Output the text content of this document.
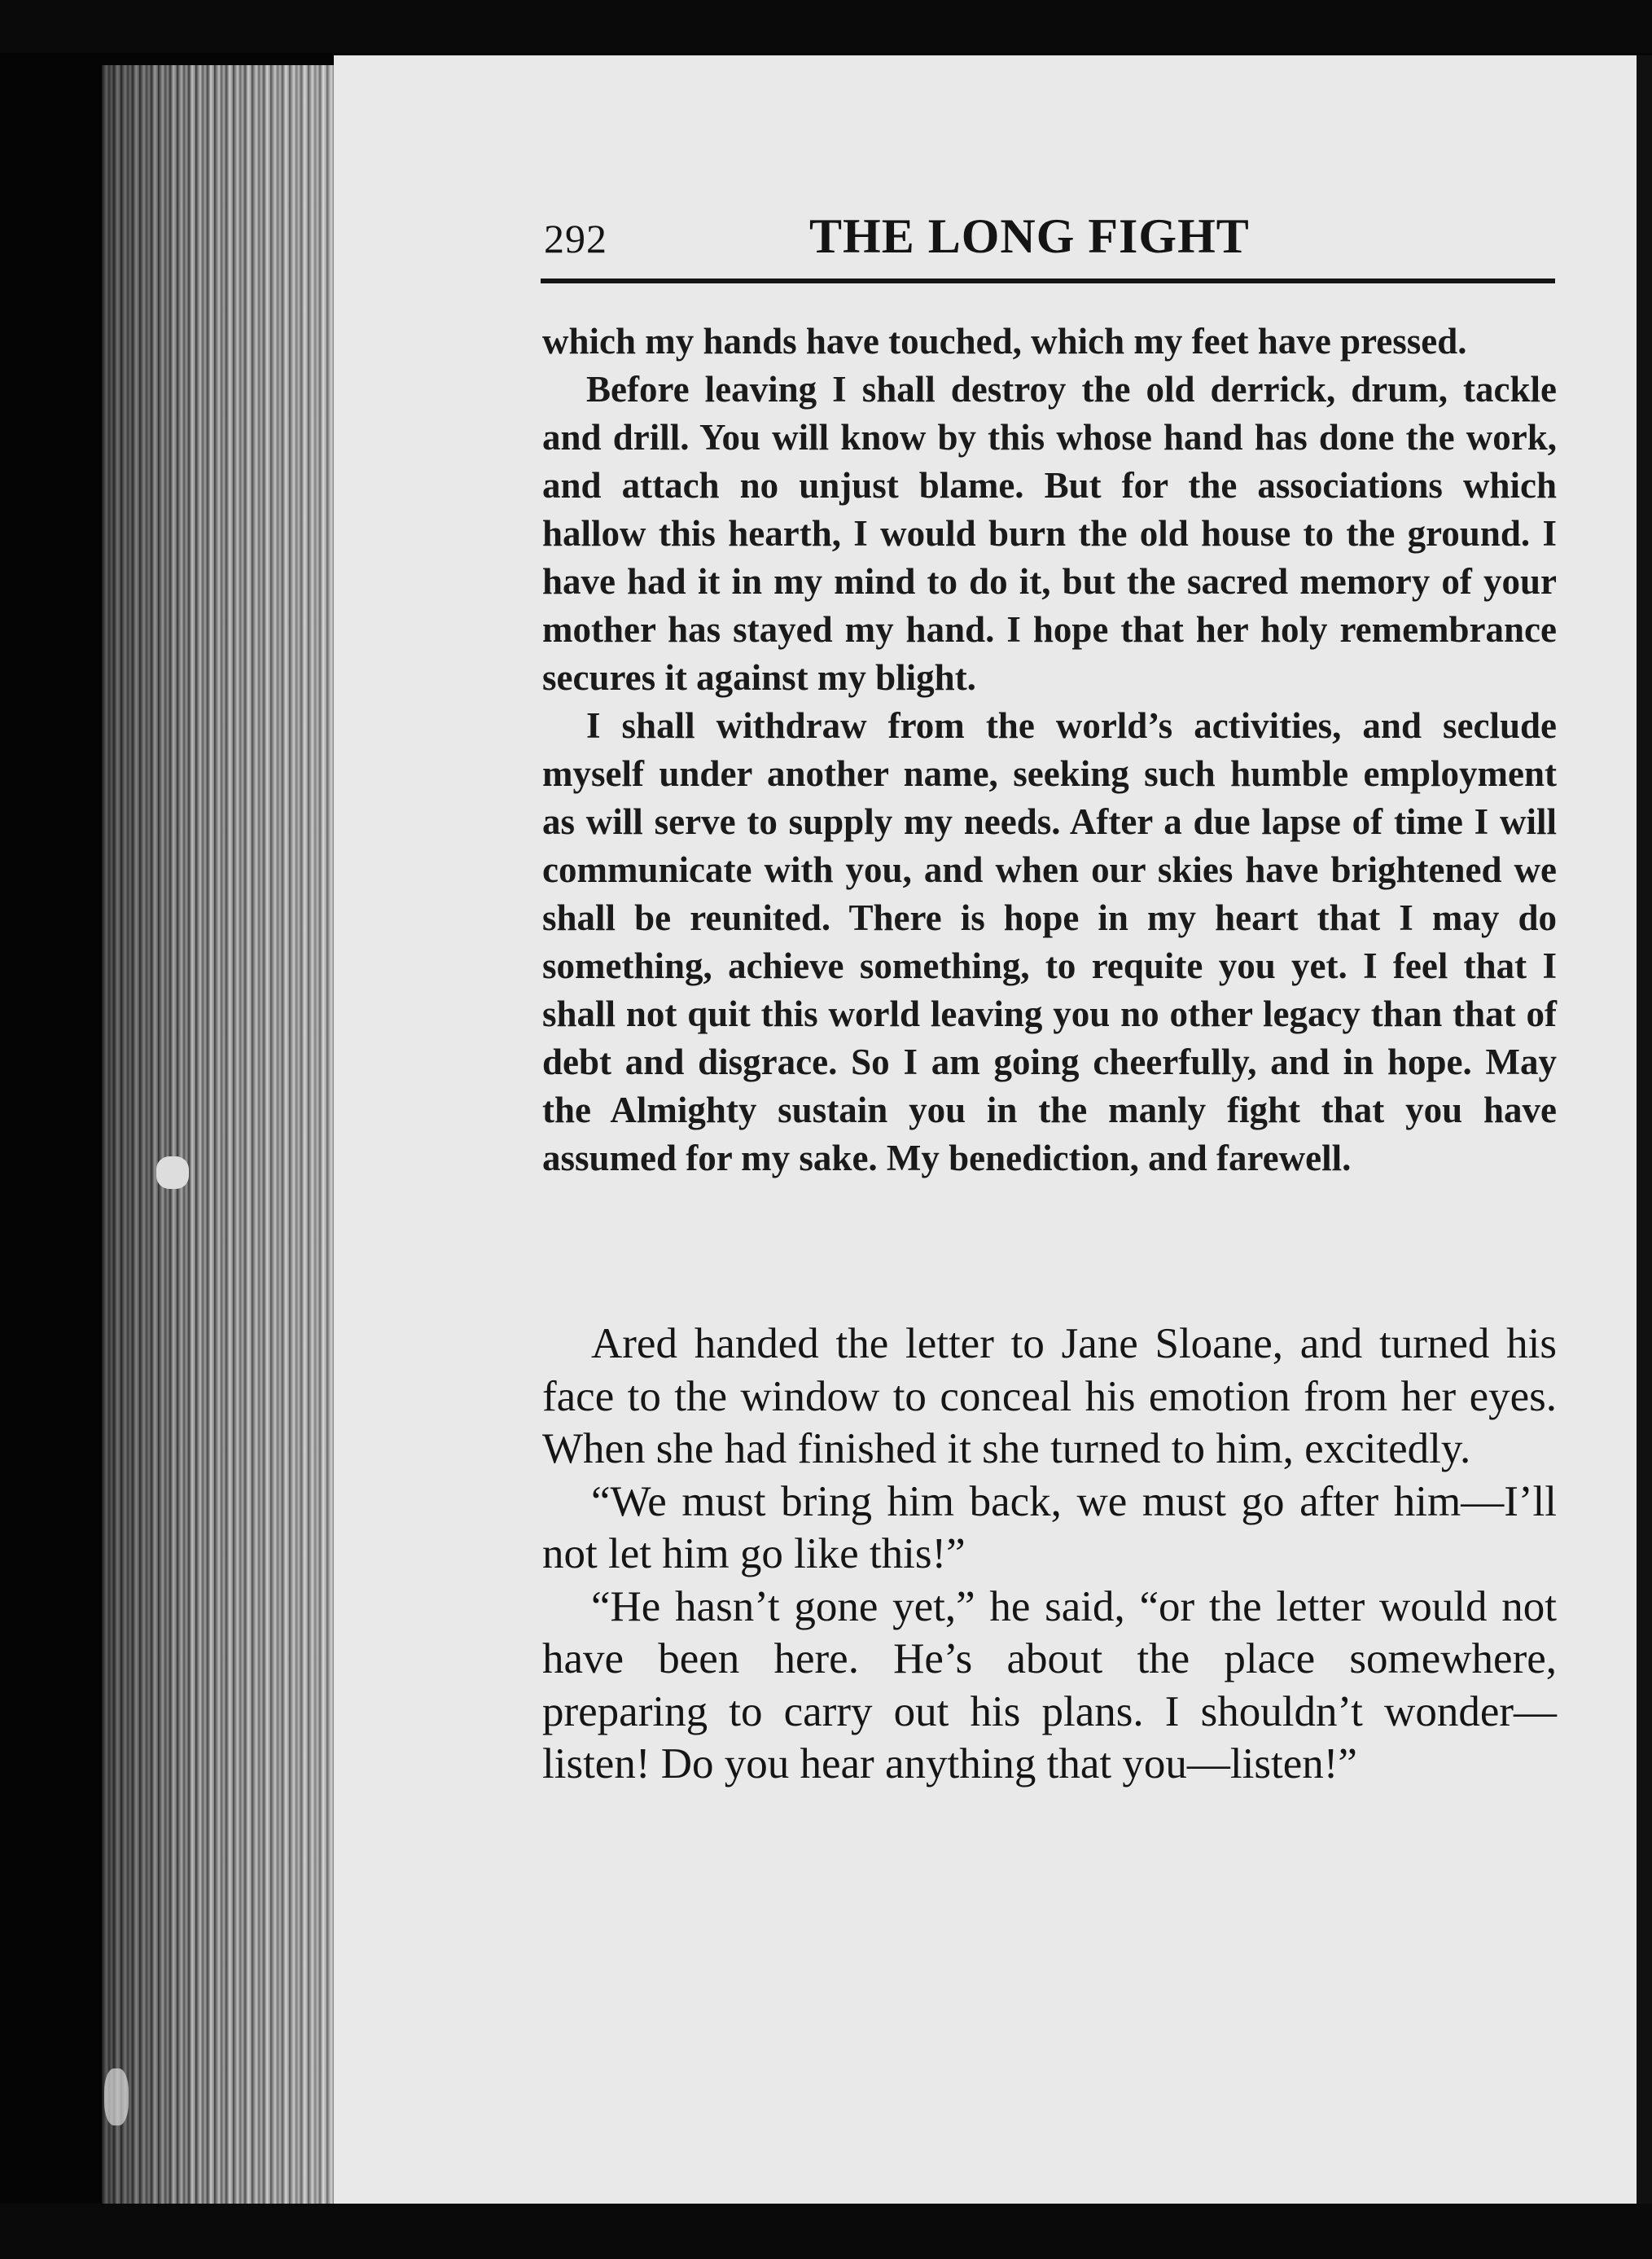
292	THE LONG FIGHT

which my hands have touched, which my feet have pressed.

Before leaving I shall destroy the old derrick, drum, tackle and drill. You will know by this whose hand has done the work, and attach no unjust blame. But for the associations which hallow this hearth, I would burn the old house to the ground. I have had it in my mind to do it, but the sacred memory of your mother has stayed my hand. I hope that her holy remembrance secures it against my blight.

I shall withdraw from the world’s activities, and seclude myself under another name, seeking such humble employment as will serve to supply my needs. After a due lapse of time I will communicate with you, and when our skies have brightened we shall be reunited. There is hope in my heart that I may do something, achieve something, to requite you yet. I feel that I shall not quit this world leaving you no other legacy than that of debt and disgrace. So I am going cheerfully, and in hope. May the Almighty sustain you in the manly fight that you have assumed for my sake. My benediction, and farewell.

Ared handed the letter to Jane Sloane, and turned his face to the window to conceal his emotion from her eyes. When she had finished it she turned to him, excitedly.

“We must bring him back, we must go after him—I’ll not let him go like this!”

“He hasn’t gone yet,” he said, “or the letter would not have been here. He’s about the place somewhere, preparing to carry out his plans. I shouldn’t wonder—listen! Do you hear anything that you—listen!”
